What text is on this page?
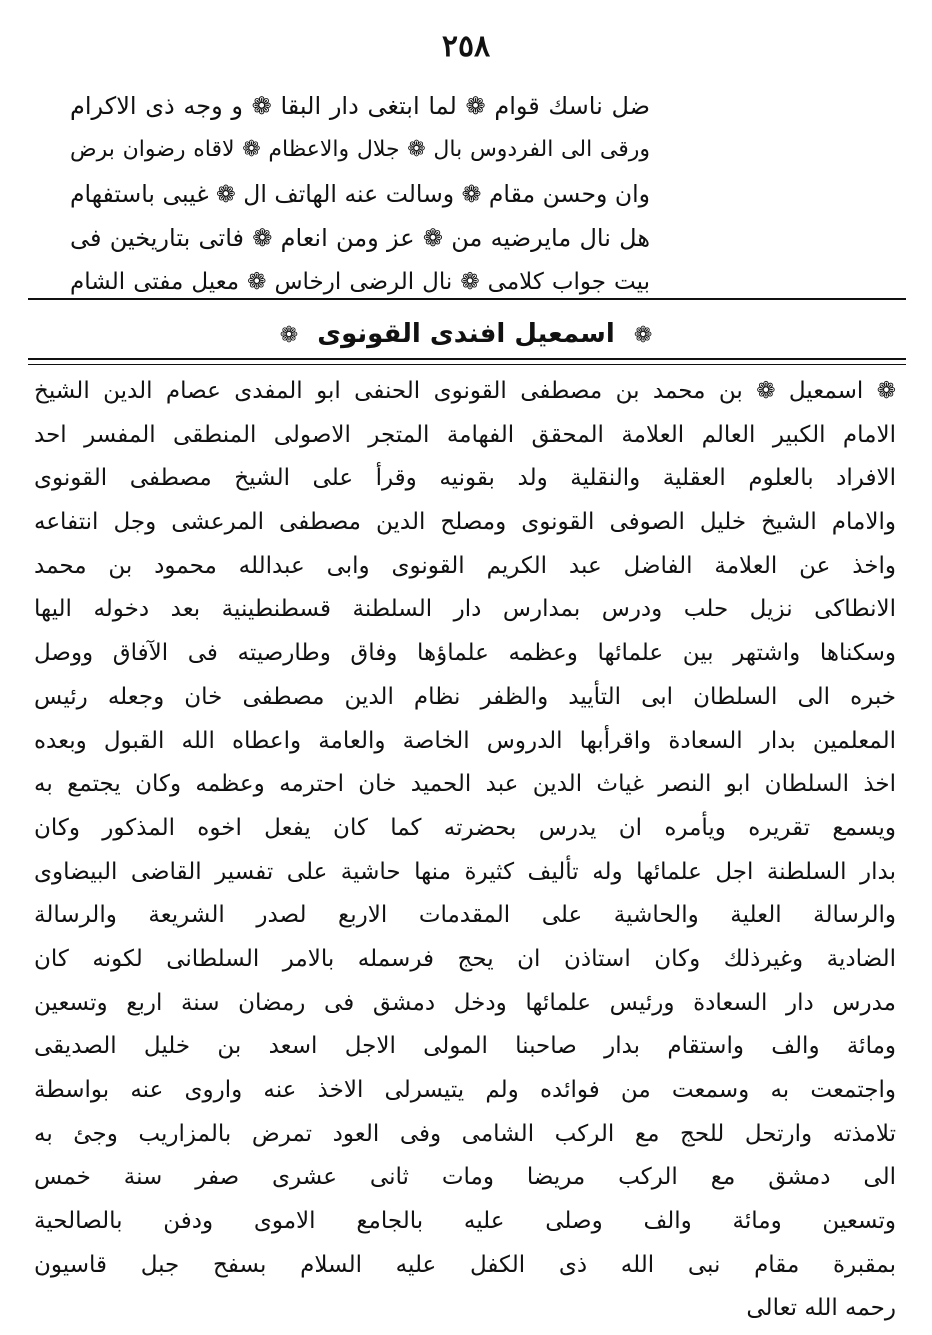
٢٥٨
ضل ناسك قوام ❁ لما ابتغى دار البقا ❁ و وجه ذى الاكرام
ورقى الى الفردوس بال ❁ جلال والاعظام ❁ لاقاه رضوان برض
وان وحسن مقام ❁ وسالت عنه الهاتف ال ❁ غيبى باستفهام
هل نال مايرضيه من ❁ عز ومن انعام ❁ فاتى بتاريخين فى
بيت جواب كلامى ❁ نال الرضى ارخاس ❁ معيل مفتى الشام
❁ اسمعيل افندى القونوى ❁
❁ اسمعيل ❁ بن محمد بن مصطفى القونوى الحنفى ابو المفدى عصام الدين الشيخ
الامام الكبير العالم العلامة المحقق الفهامة المتجر الاصولى المنطقى المفسر احد
الافراد بالعلوم العقلية والنقلية ولد بقونيه وقرأ على الشيخ مصطفى القونوى
والامام الشيخ خليل الصوفى القونوى ومصلح الدين مصطفى المرعشى وجل انتفاعه
واخذ عن العلامة الفاضل عبد الكريم القونوى وابى عبدالله محمود بن محمد
الانطاكى نزيل حلب ودرس بمدارس دار السلطنة قسطنطينية بعد دخوله اليها
وسكناها واشتهر بين علمائها وعظمه علماؤها وفاق وطارصيته فى الآفاق ووصل
خبره الى السلطان ابى التأييد والظفر نظام الدين مصطفى خان وجعله رئيس
المعلمين بدار السعادة واقرأبها الدروس الخاصة والعامة واعطاه الله القبول وبعده
اخذ السلطان ابو النصر غياث الدين عبد الحميد خان احترمه وعظمه وكان يجتمع به
ويسمع تقريره ويأمره ان يدرس بحضرته كما كان يفعل اخوه المذكور وكان
بدار السلطنة اجل علمائها وله تأليف كثيرة منها حاشية على تفسير القاضى البيضاوى
والرسالة العلية والحاشية على المقدمات الاربع لصدر الشريعة والرسالة
الضادية وغيرذلك وكان استاذن ان يحج فرسمله بالامر السلطانى لكونه كان
مدرس دار السعادة ورئيس علمائها ودخل دمشق فى رمضان سنة اربع وتسعين
ومائة والف واستقام بدار صاحبنا المولى الاجل اسعد بن خليل الصديقى
واجتمعت به وسمعت من فوائده ولم يتيسرلى الاخذ عنه واروى عنه بواسطة
تلامذته وارتحل للحج مع الركب الشامى وفى العود تمرض بالمزاريب وجئ به
الى دمشق مع الركب مريضا ومات ثانى عشرى صفر سنة خمس
وتسعين ومائة والف وصلى عليه بالجامع الاموى ودفن بالصالحية
بمقبرة مقام نبى الله ذى الكفل عليه السلام بسفح جبل قاسيون
رحمه الله تعالى
